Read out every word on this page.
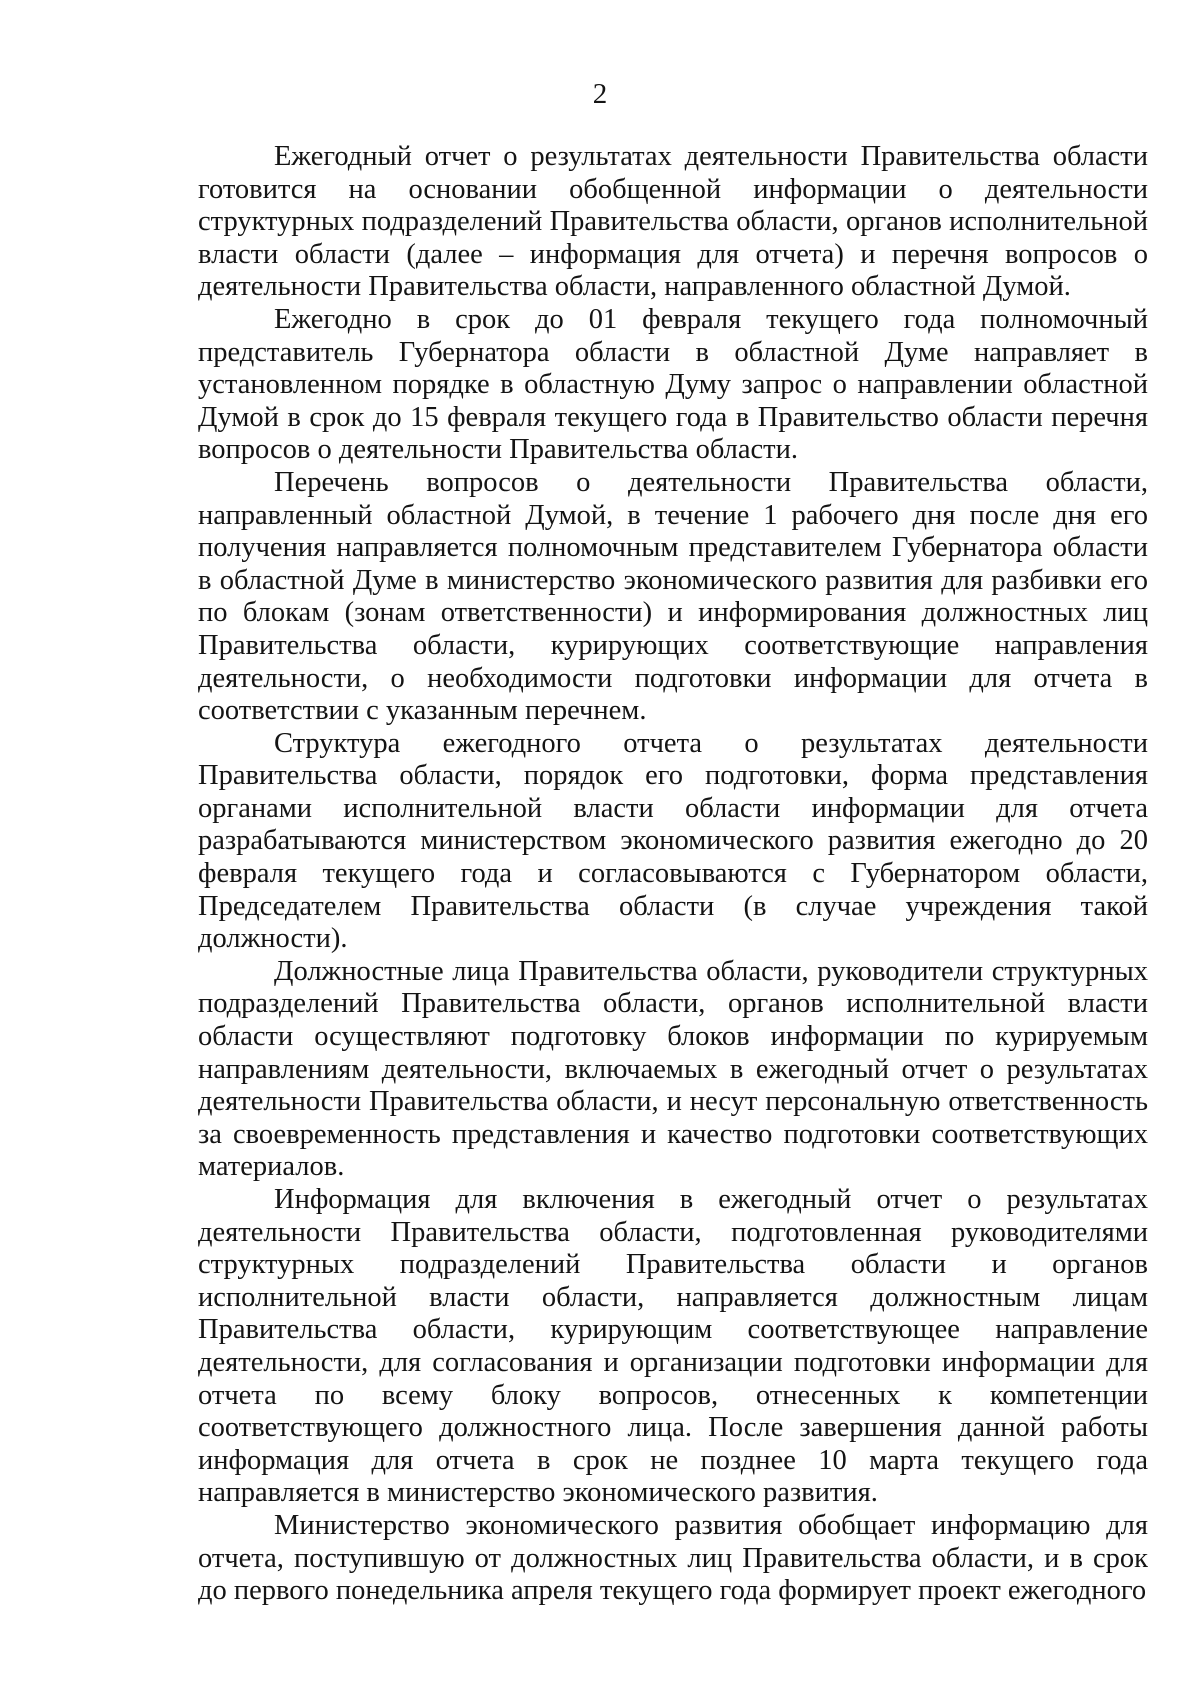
2

Ежегодный отчет о результатах деятельности Правительства области готовится на основании обобщенной информации о деятельности структурных подразделений Правительства области, органов исполнительной власти области (далее – информация для отчета) и перечня вопросов о деятельности Правительства области, направленного областной Думой.

Ежегодно в срок до 01 февраля текущего года полномочный представитель Губернатора области в областной Думе направляет в установленном порядке в областную Думу запрос о направлении областной Думой в срок до 15 февраля текущего года в Правительство области перечня вопросов о деятельности Правительства области.

Перечень вопросов о деятельности Правительства области, направленный областной Думой, в течение 1 рабочего дня после дня его получения направляется полномочным представителем Губернатора области в областной Думе в министерство экономического развития для разбивки его по блокам (зонам ответственности) и информирования должностных лиц Правительства области, курирующих соответствующие направления деятельности, о необходимости подготовки информации для отчета в соответствии с указанным перечнем.

Структура ежегодного отчета о результатах деятельности Правительства области, порядок его подготовки, форма представления органами исполнительной власти области информации для отчета разрабатываются министерством экономического развития ежегодно до 20 февраля текущего года и согласовываются с Губернатором области, Председателем Правительства области (в случае учреждения такой должности).

Должностные лица Правительства области, руководители структурных подразделений Правительства области, органов исполнительной власти области осуществляют подготовку блоков информации по курируемым направлениям деятельности, включаемых в ежегодный отчет о результатах деятельности Правительства области, и несут персональную ответственность за своевременность представления и качество подготовки соответствующих материалов.

Информация для включения в ежегодный отчет о результатах деятельности Правительства области, подготовленная руководителями структурных подразделений Правительства области и органов исполнительной власти области, направляется должностным лицам Правительства области, курирующим соответствующее направление деятельности, для согласования и организации подготовки информации для отчета по всему блоку вопросов, отнесенных к компетенции соответствующего должностного лица. После завершения данной работы информация для отчета в срок не позднее 10 марта текущего года направляется в министерство экономического развития.

Министерство экономического развития обобщает информацию для отчета, поступившую от должностных лиц Правительства области, и в срок до первого понедельника апреля текущего года формирует проект ежегодного
